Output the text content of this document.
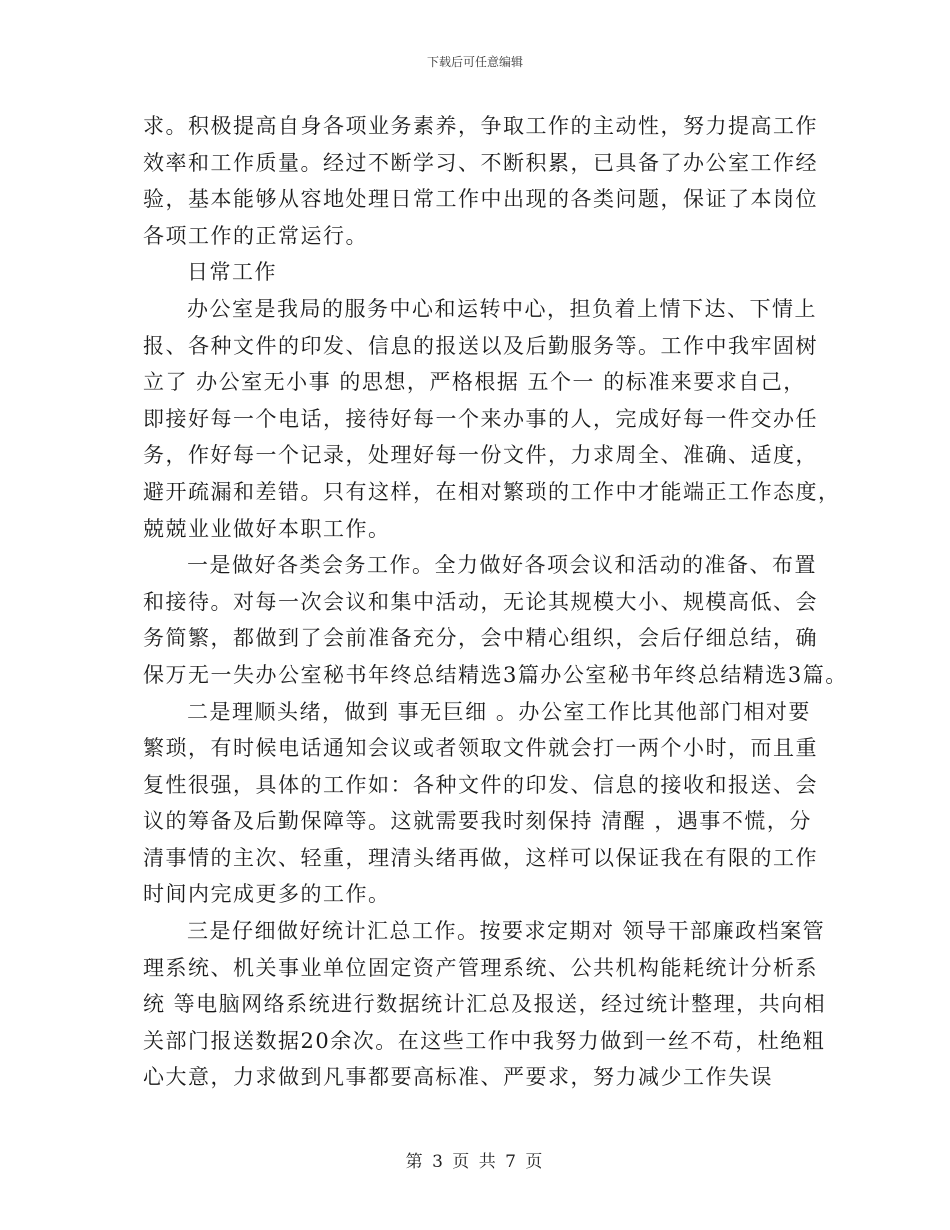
下载后可任意编辑
求。积极提高自身各项业务素养，争取工作的主动性，努力提高工作
效率和工作质量。经过不断学习、不断积累，已具备了办公室工作经
验，基本能够从容地处理日常工作中出现的各类问题，保证了本岗位
各项工作的正常运行。
日常工作
办公室是我局的服务中心和运转中心，担负着上情下达、下情上
报、各种文件的印发、信息的报送以及后勤服务等。工作中我牢固树
立了 办公室无小事 的思想，严格根据 五个一 的标准来要求自己，
即接好每一个电话，接待好每一个来办事的人，完成好每一件交办任
务，作好每一个记录，处理好每一份文件，力求周全、准确、适度，
避开疏漏和差错。只有这样，在相对繁琐的工作中才能端正工作态度，
兢兢业业做好本职工作。
一是做好各类会务工作。全力做好各项会议和活动的准备、布置
和接待。对每一次会议和集中活动，无论其规模大小、规模高低、会
务简繁，都做到了会前准备充分，会中精心组织，会后仔细总结，确
保万无一失办公室秘书年终总结精选3篇办公室秘书年终总结精选3篇。
二是理顺头绪，做到 事无巨细 。办公室工作比其他部门相对要
繁琐，有时候电话通知会议或者领取文件就会打一两个小时，而且重
复性很强，具体的工作如：各种文件的印发、信息的接收和报送、会
议的筹备及后勤保障等。这就需要我时刻保持 清醒 ，遇事不慌，分
清事情的主次、轻重，理清头绪再做，这样可以保证我在有限的工作
时间内完成更多的工作。
三是仔细做好统计汇总工作。按要求定期对 领导干部廉政档案管
理系统、机关事业单位固定资产管理系统、公共机构能耗统计分析系
统 等电脑网络系统进行数据统计汇总及报送，经过统计整理，共向相
关部门报送数据20余次。在这些工作中我努力做到一丝不苟，杜绝粗
心大意，力求做到凡事都要高标准、严要求，努力减少工作失误
第 3 页 共 7 页
